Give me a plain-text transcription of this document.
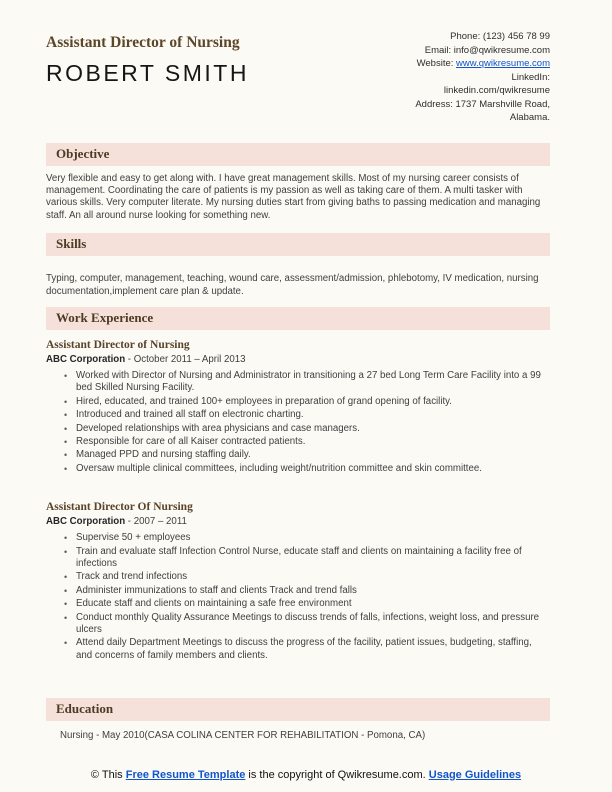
Assistant Director of Nursing
ROBERT SMITH
Phone: (123) 456 78 99
Email: info@qwikresume.com
Website: www.qwikresume.com
LinkedIn:
linkedin.com/qwikresume
Address: 1737 Marshville Road,
Alabama.
Objective

Very flexible and easy to get along with. I have great management skills. Most of my nursing career consists of management. Coordinating the care of patients is my passion as well as taking care of them. A multi tasker with various skills. Very computer literate. My nursing duties start from giving baths to passing medication and managing staff. An all around nurse looking for something new.

Skills

Typing, computer, management, teaching, wound care, assessment/admission, phlebotomy, IV medication, nursing documentation,implement care plan & update.

Work Experience
Assistant Director of Nursing
ABC Corporation - October 2011 – April 2013
• Worked with Director of Nursing and Administrator in transitioning a 27 bed Long Term Care Facility into a 99 bed Skilled Nursing Facility.
• Hired, educated, and trained 100+ employees in preparation of grand opening of facility.
• Introduced and trained all staff on electronic charting.
• Developed relationships with area physicians and case managers.
• Responsible for care of all Kaiser contracted patients.
• Managed PPD and nursing staffing daily.
• Oversaw multiple clinical committees, including weight/nutrition committee and skin committee.
Assistant Director Of Nursing
ABC Corporation - 2007 – 2011
• Supervise 50 + employees
• Train and evaluate staff Infection Control Nurse, educate staff and clients on maintaining a facility free of infections
• Track and trend infections
• Administer immunizations to staff and clients Track and trend falls
• Educate staff and clients on maintaining a safe free environment
• Conduct monthly Quality Assurance Meetings to discuss trends of falls, infections, weight loss, and pressure ulcers
• Attend daily Department Meetings to discuss the progress of the facility, patient issues, budgeting, staffing, and concerns of family members and clients.
Education

Nursing - May 2010(CASA COLINA CENTER FOR REHABILITATION - Pomona, CA)

© This Free Resume Template is the copyright of Qwikresume.com. Usage Guidelines
